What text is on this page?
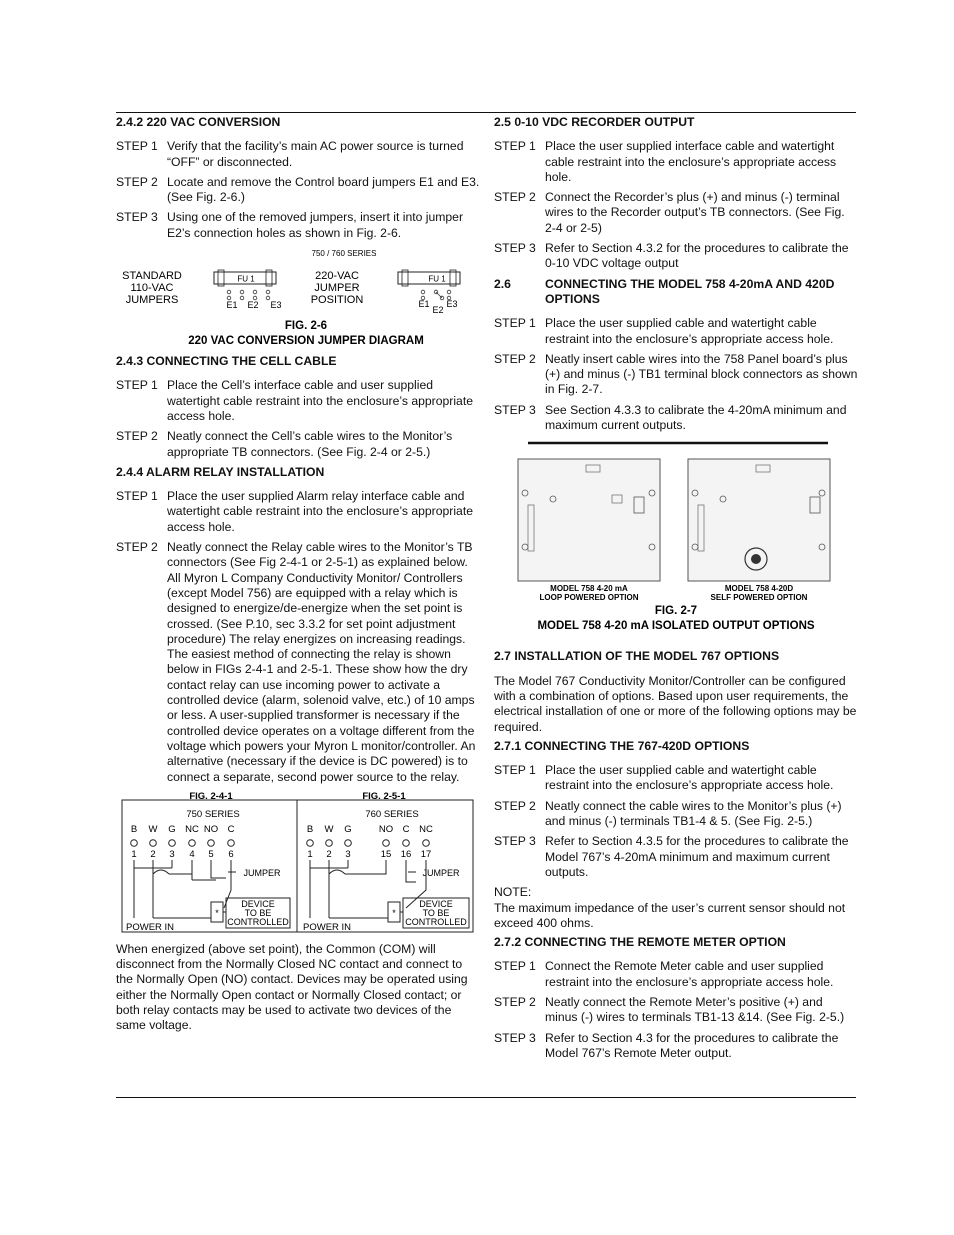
2.4.2 220 VAC CONVERSION
STEP 1 Verify that the facility’s main AC power source is turned “OFF” or disconnected.
STEP 2 Locate and remove the Control board jumpers E1 and E3. (See Fig. 2-6.)
STEP 3 Using one of the removed jumpers, insert it into jumper E2’s connection holes as shown in Fig. 2-6.
750 / 760 SERIES
STANDARD
110-VAC
JUMPERS
FU 1
E1 E2 E3
220-VAC
JUMPER
POSITION
FU 1
E1
E2
E3
FIG. 2-6
220 VAC CONVERSION JUMPER DIAGRAM
2.4.3 CONNECTING THE CELL CABLE
STEP 1 Place the Cell’s interface cable and user supplied watertight cable restraint into the enclosure’s appropriate access hole.
STEP 2 Neatly connect the Cell’s cable wires to the Monitor’s appropriate TB connectors. (See Fig. 2-4 or 2-5.)
2.4.4 ALARM RELAY INSTALLATION
STEP 1 Place the user supplied Alarm relay interface cable and watertight cable restraint into the enclosure’s appropriate access hole.
STEP 2 Neatly connect the Relay cable wires to the Monitor’s TB connectors (See Fig 2-4-1 or 2-5-1) as explained below. All Myron L Company Conductivity Monitor/ Controllers (except Model 756) are equipped with a relay which is designed to energize/de-energize when the set point is crossed. (See P.10, sec 3.3.2 for set point adjustment procedure) The relay energizes on increasing readings. The easiest method of connecting the relay is shown below in FIGs 2-4-1 and 2-5-1. These show how the dry contact relay can use incoming power to activate a controlled device (alarm, solenoid valve, etc.) of 10 amps or less. A user-supplied transformer is necessary if the controlled device operates on a voltage different from the voltage which powers your Myron L monitor/controller. An alternative (necessary if the device is DC powered) is to connect a separate, second power source to the relay.
FIG. 2-4-1	FIG. 2-5-1
750 SERIES	760 SERIES
B W G NC NO C
1 2 3 4 5 6
B W G	NO C NC
1 2 3	15 16 17
JUMPER	JUMPER
DEVICE
TO BE
CONTROLLED
DEVICE
TO BE
CONTROLLED
*	*
POWER IN	POWER IN
When energized (above set point), the Common (COM) will disconnect from the Normally Closed NC contact and connect to the Normally Open (NO) contact. Devices may be operated using either the Normally Open contact or Normally Closed contact; or both relay contacts may be used to activate two devices of the same voltage.
2.5 0-10 VDC RECORDER OUTPUT
STEP 1 Place the user supplied interface cable and watertight cable restraint into the enclosure’s appropriate access hole.
STEP 2 Connect the Recorder’s plus (+) and minus (-) terminal wires to the Recorder output’s TB connectors. (See Fig. 2-4 or 2-5)
STEP 3 Refer to Section 4.3.2 for the procedures to calibrate the 0-10 VDC voltage output
2.6	CONNECTING THE MODEL 758 4-20mA AND 420D OPTIONS
STEP 1 Place the user supplied cable and watertight cable restraint into the enclosure’s appropriate access hole.
STEP 2 Neatly insert cable wires into the 758 Panel board’s plus (+) and minus (-) TB1 terminal block connectors as shown in Fig. 2-7.
STEP 3 See Section 4.3.3 to calibrate the 4-20mA minimum and maximum current outputs.
MODEL 758 4-20 mA
LOOP POWERED OPTION
MODEL 758 4-20D
SELF POWERED OPTION
FIG. 2-7
MODEL 758 4-20 mA ISOLATED OUTPUT OPTIONS
2.7 INSTALLATION OF THE MODEL 767 OPTIONS
The Model 767 Conductivity Monitor/Controller can be configured with a combination of options. Based upon user requirements, the electrical installation of one or more of the following options may be required.
2.7.1 CONNECTING THE 767-420D OPTIONS
STEP 1 Place the user supplied cable and watertight cable restraint into the enclosure’s appropriate access hole.
STEP 2 Neatly connect the cable wires to the Monitor’s plus (+) and minus (-) terminals TB1-4 & 5. (See Fig. 2-5.)
STEP 3 Refer to Section 4.3.5 for the procedures to calibrate the Model 767’s 4-20mA minimum and maximum current outputs.
NOTE:
The maximum impedance of the user’s current sensor should not exceed 400 ohms.
2.7.2 CONNECTING THE REMOTE METER OPTION
STEP 1 Connect the Remote Meter cable and user supplied restraint into the enclosure’s appropriate access hole.
STEP 2 Neatly connect the Remote Meter’s positive (+) and minus (-) wires to terminals TB1-13 &14. (See Fig. 2-5.)
STEP 3 Refer to Section 4.3 for the procedures to calibrate the Model 767’s Remote Meter output.
